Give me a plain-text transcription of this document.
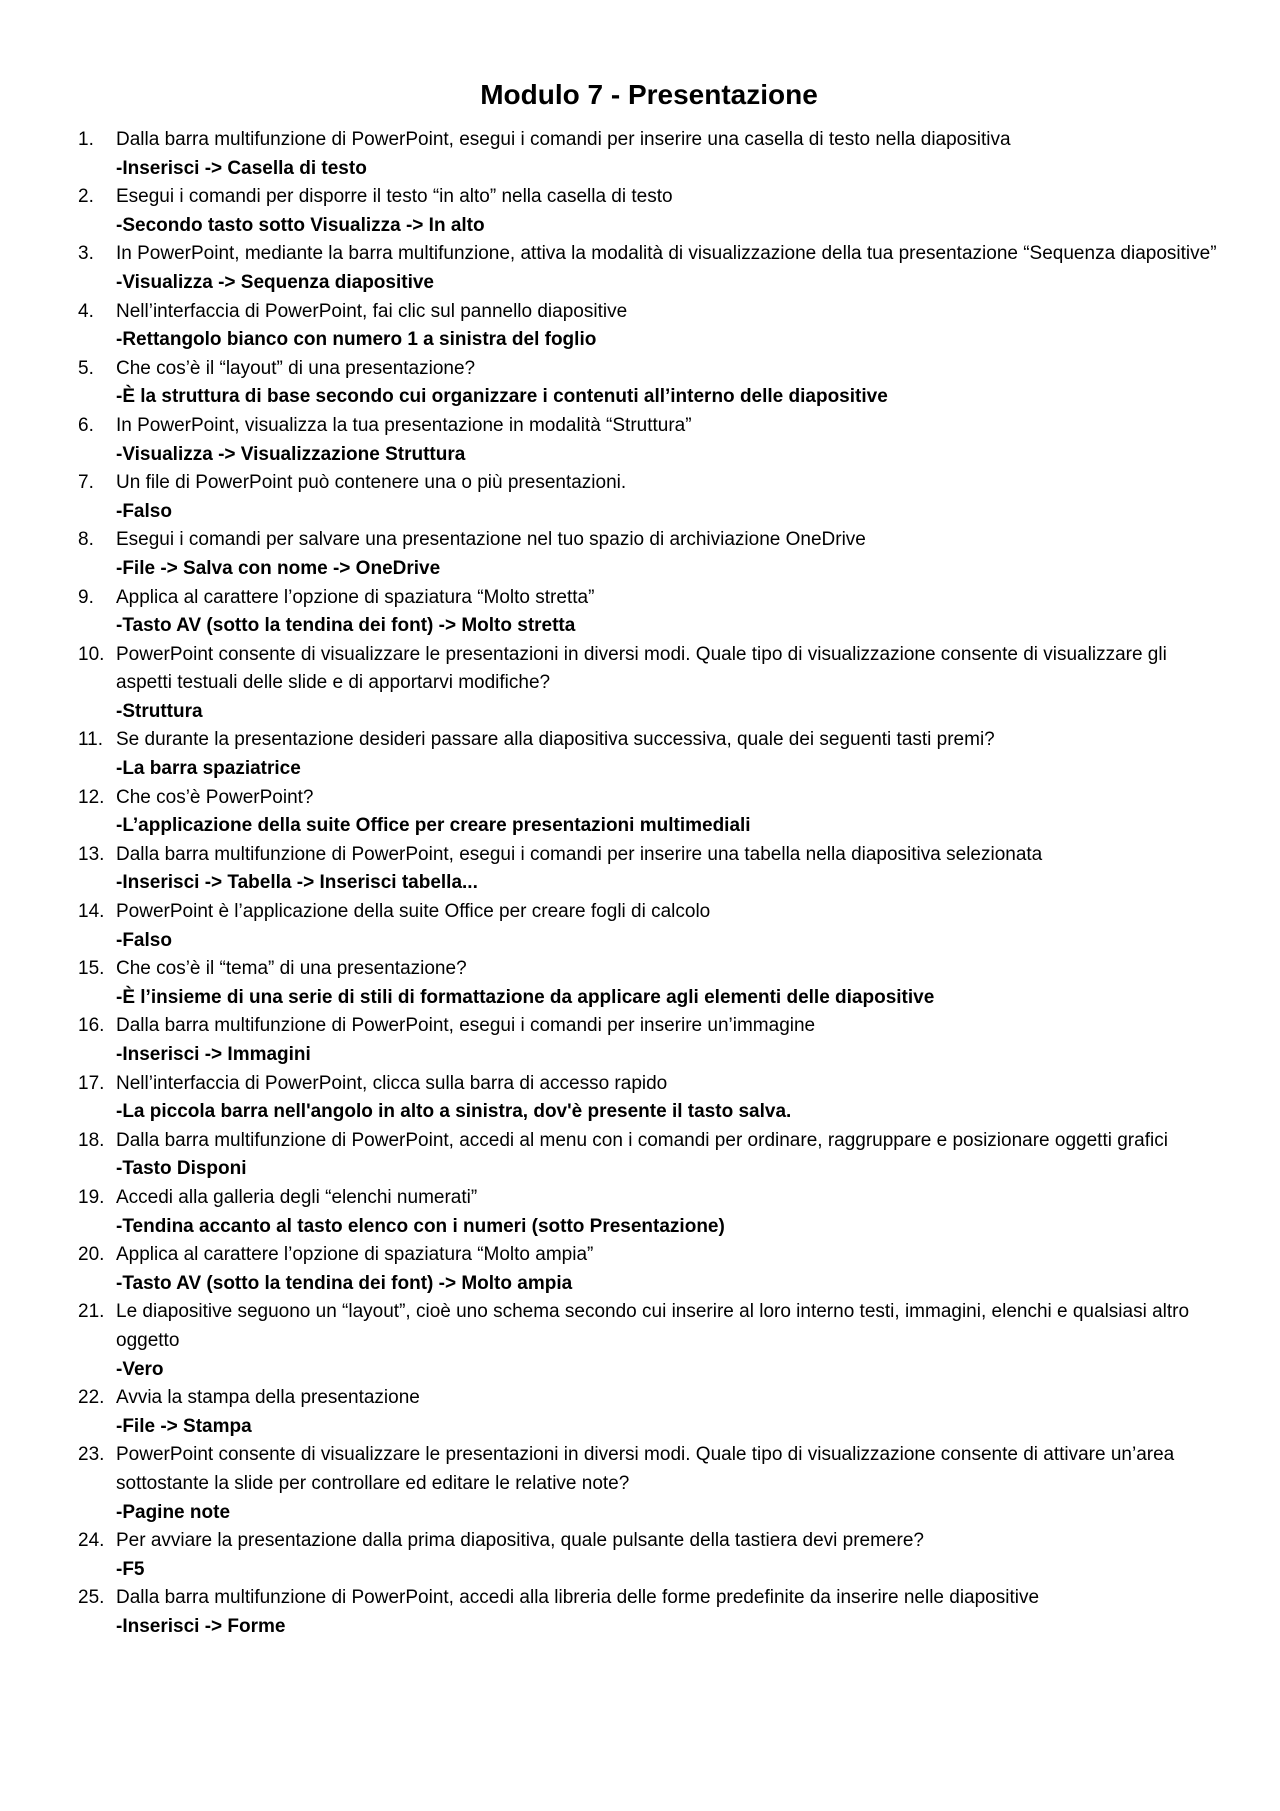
Modulo 7 - Presentazione
1.	Dalla barra multifunzione di PowerPoint, esegui i comandi per inserire una casella di testo nella diapositiva
-Inserisci -> Casella di testo
2.	Esegui i comandi per disporre il testo “in alto” nella casella di testo
-Secondo tasto sotto Visualizza -> In alto
3.	In PowerPoint, mediante la barra multifunzione, attiva la modalità di visualizzazione della tua presentazione “Sequenza diapositive”
-Visualizza -> Sequenza diapositive
4.	Nell’interfaccia di PowerPoint, fai clic sul pannello diapositive
-Rettangolo bianco con numero 1 a sinistra del foglio
5.	Che cos’è il “layout” di una presentazione?
-È la struttura di base secondo cui organizzare i contenuti all’interno delle diapositive
6.	In PowerPoint, visualizza la tua presentazione in modalità “Struttura”
-Visualizza -> Visualizzazione Struttura
7.	Un file di PowerPoint può contenere una o più presentazioni.
-Falso
8.	Esegui i comandi per salvare una presentazione nel tuo spazio di archiviazione OneDrive
-File -> Salva con nome -> OneDrive
9.	Applica al carattere l’opzione di spaziatura “Molto stretta”
-Tasto AV (sotto la tendina dei font) -> Molto stretta
10. PowerPoint consente di visualizzare le presentazioni in diversi modi. Quale tipo di visualizzazione consente di visualizzare gli aspetti testuali delle slide e di apportarvi modifiche?
-Struttura
11. Se durante la presentazione desideri passare alla diapositiva successiva, quale dei seguenti tasti premi?
-La barra spaziatrice
12. Che cos’è PowerPoint?
-L’applicazione della suite Office per creare presentazioni multimediali
13. Dalla barra multifunzione di PowerPoint, esegui i comandi per inserire una tabella nella diapositiva selezionata
-Inserisci -> Tabella -> Inserisci tabella...
14. PowerPoint è l’applicazione della suite Office per creare fogli di calcolo
-Falso
15. Che cos’è il “tema” di una presentazione?
-È l’insieme di una serie di stili di formattazione da applicare agli elementi delle diapositive
16. Dalla barra multifunzione di PowerPoint, esegui i comandi per inserire un’immagine
-Inserisci -> Immagini
17. Nell’interfaccia di PowerPoint, clicca sulla barra di accesso rapido
-La piccola barra nell'angolo in alto a sinistra, dov'è presente il tasto salva.
18. Dalla barra multifunzione di PowerPoint, accedi al menu con i comandi per ordinare, raggruppare e posizionare oggetti grafici
-Tasto Disponi
19. Accedi alla galleria degli “elenchi numerati”
-Tendina accanto al tasto elenco con i numeri (sotto Presentazione)
20. Applica al carattere l’opzione di spaziatura “Molto ampia”
-Tasto AV (sotto la tendina dei font) -> Molto ampia
21. Le diapositive seguono un “layout”, cioè uno schema secondo cui inserire al loro interno testi, immagini, elenchi e qualsiasi altro oggetto
-Vero
22. Avvia la stampa della presentazione
-File -> Stampa
23. PowerPoint consente di visualizzare le presentazioni in diversi modi. Quale tipo di visualizzazione consente di attivare un’area sottostante la slide per controllare ed editare le relative note?
-Pagine note
24. Per avviare la presentazione dalla prima diapositiva, quale pulsante della tastiera devi premere?
-F5
25. Dalla barra multifunzione di PowerPoint, accedi alla libreria delle forme predefinite da inserire nelle diapositive
-Inserisci -> Forme
